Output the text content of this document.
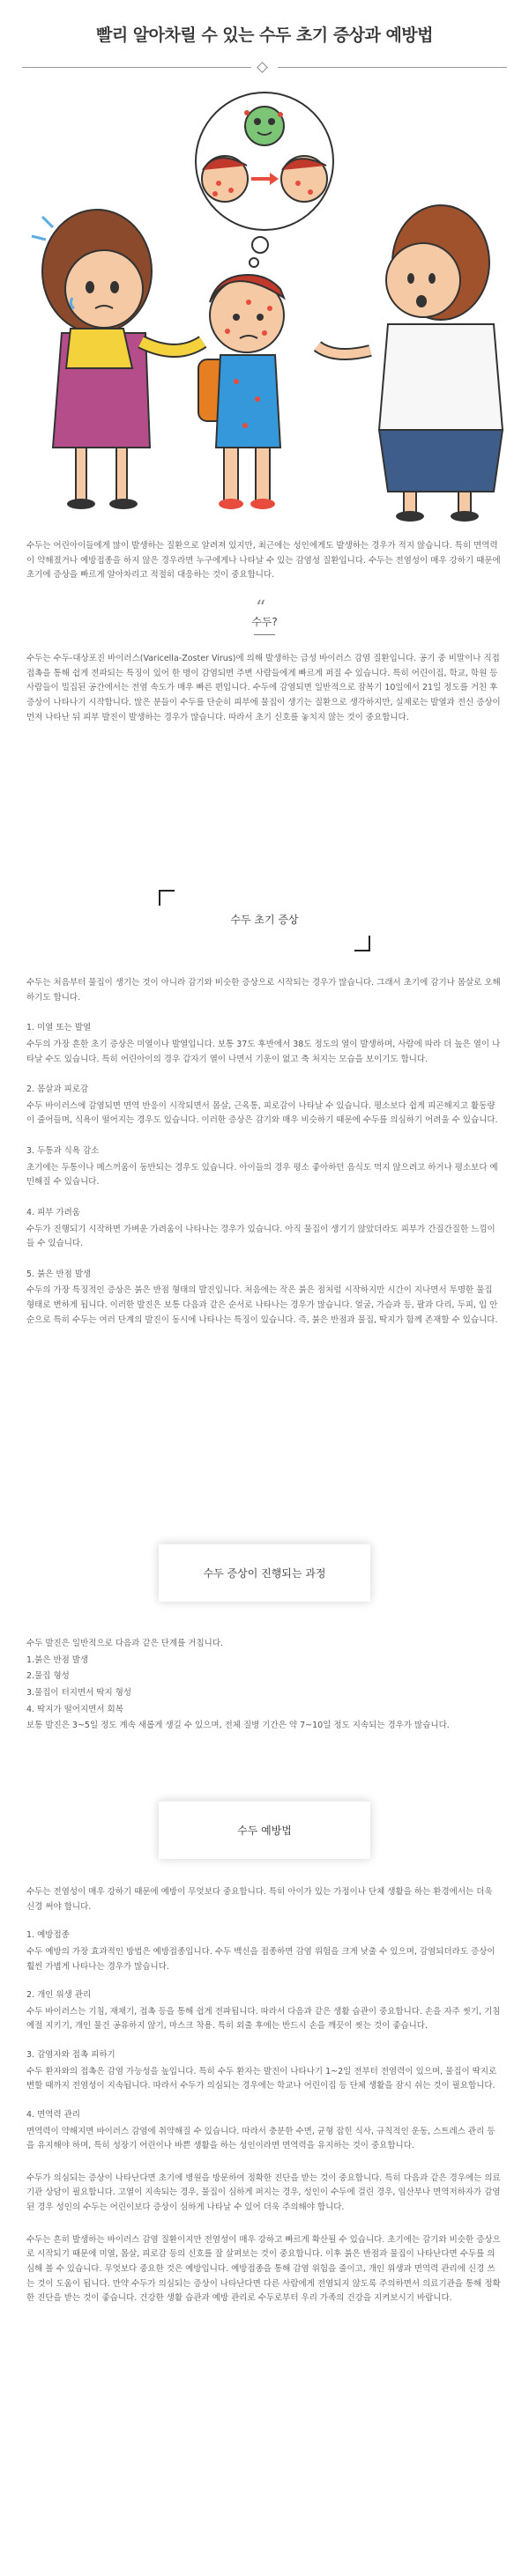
빨리 알아차릴 수 있는 수두 초기 증상과 예방법

수두는 어린아이들에게 많이 발생하는 질환으로 알려져 있지만, 최근에는 성인에게도 발생하는 경우가 적지 않습니다. 특히 면역력이 약해졌거나 예방접종을 하지 않은 경우라면 누구에게나 나타날 수 있는 감염성 질환입니다. 수두는 전염성이 매우 강하기 때문에 초기에 증상을 빠르게 알아차리고 적절히 대응하는 것이 중요합니다.

“
수두?

수두는 수두-대상포진 바이러스(Varicella-Zoster Virus)에 의해 발생하는 급성 바이러스 감염 질환입니다. 공기 중 비말이나 직접 접촉을 통해 쉽게 전파되는 특징이 있어 한 명이 감염되면 주변 사람들에게 빠르게 퍼질 수 있습니다. 특히 어린이집, 학교, 학원 등 사람들이 밀집된 공간에서는 전염 속도가 매우 빠른 편입니다. 수두에 감염되면 일반적으로 잠복기 10일에서 21일 정도를 거친 후 증상이 나타나기 시작합니다. 많은 분들이 수두를 단순히 피부에 물집이 생기는 질환으로 생각하지만, 실제로는 발열과 전신 증상이 먼저 나타난 뒤 피부 발진이 발생하는 경우가 많습니다. 따라서 초기 신호를 놓치지 않는 것이 중요합니다.

수두 초기 증상

수두는 처음부터 물집이 생기는 것이 아니라 감기와 비슷한 증상으로 시작되는 경우가 많습니다. 그래서 초기에 감기나 몸살로 오해하기도 합니다.

1. 미열 또는 발열

수두의 가장 흔한 초기 증상은 미열이나 발열입니다. 보통 37도 후반에서 38도 정도의 열이 발생하며, 사람에 따라 더 높은 열이 나타날 수도 있습니다. 특히 어린아이의 경우 갑자기 열이 나면서 기운이 없고 축 처지는 모습을 보이기도 합니다.

2. 몸살과 피로감

수두 바이러스에 감염되면 면역 반응이 시작되면서 몸살, 근육통, 피로감이 나타날 수 있습니다. 평소보다 쉽게 피곤해지고 활동량이 줄어들며, 식욕이 떨어지는 경우도 있습니다. 이러한 증상은 감기와 매우 비슷하기 때문에 수두를 의심하기 어려울 수 있습니다.

3. 두통과 식욕 감소

초기에는 두통이나 메스꺼움이 동반되는 경우도 있습니다. 아이들의 경우 평소 좋아하던 음식도 먹지 않으려고 하거나 평소보다 예민해질 수 있습니다.

4. 피부 가려움

수두가 진행되기 시작하면 가벼운 가려움이 나타나는 경우가 있습니다. 아직 물집이 생기기 않았더라도 피부가 간질간질한 느낌이 들 수 있습니다.

5. 붉은 반점 발생

수두의 가장 특징적인 증상은 붉은 반점 형태의 발진입니다. 처음에는 작은 붉은 점처럼 시작하지만 시간이 지나면서 투명한 물집 형태로 변하게 됩니다. 이러한 발진은 보통 다음과 같은 순서로 나타나는 경우가 많습니다. 얼굴, 가슴과 등, 팔과 다리, 두피, 입 안 순으로 특히 수두는 여러 단계의 발진이 동시에 나타나는 특징이 있습니다. 즉, 붉은 반점과 물집, 딱지가 함께 존재할 수 있습니다.

수두 증상이 진행되는 과정

수두 발진은 일반적으로 다음과 같은 단계를 거칩니다.

1.붉은 반점 발생

2.물집 형성

3.물집이 터지면서 딱지 형성

4. 딱지가 떨어지면서 회복

보통 발진은 3~5일 정도 계속 새롭게 생길 수 있으며, 전체 질병 기간은 약 7~10일 정도 지속되는 경우가 많습니다.

수두 예방법

수두는 전염성이 매우 강하기 때문에 예방이 무엇보다 중요합니다. 특히 아이가 있는 가정이나 단체 생활을 하는 환경에서는 더욱 신경 써야 합니다.

1. 예방접종

수두 예방의 가장 효과적인 방법은 예방접종입니다. 수두 백신을 접종하면 감염 위험을 크게 낮출 수 있으며, 감염되더라도 증상이 훨씬 가볍게 나타나는 경우가 많습니다.

2. 개인 위생 관리

수두 바이러스는 기침, 재채기, 접촉 등을 통해 쉽게 전파됩니다. 따라서 다음과 같은 생활 습관이 중요합니다. 손을 자주 씻기, 기침 예절 지키기, 개인 물건 공유하지 않기, 마스크 착용. 특히 외출 후에는 반드시 손을 깨끗이 씻는 것이 좋습니다.

3. 감염자와 접촉 피하기

수두 환자와의 접촉은 감염 가능성을 높입니다. 특히 수두 환자는 발진이 나타나기 1~2일 전부터 전염력이 있으며, 물집이 딱지로 변할 때까지 전염성이 지속됩니다. 따라서 수두가 의심되는 경우에는 학교나 어린이집 등 단체 생활을 잠시 쉬는 것이 필요합니다.

4. 면역력 관리

면역력이 약해지면 바이러스 감염에 취약해질 수 있습니다. 따라서 충분한 수면, 균형 잡힌 식사, 규칙적인 운동, 스트레스 관리 등을 유지해야 하며, 특히 성장기 어린이나 바쁜 생활을 하는 성인이라면 면역력을 유지하는 것이 중요합니다.

수두가 의심되는 증상이 나타난다면 초기에 병원을 방문하여 정확한 진단을 받는 것이 중요합니다. 특히 다음과 같은 경우에는 의료기관 상담이 필요합니다. 고열이 지속되는 경우, 물집이 심하게 퍼지는 경우, 성인이 수두에 걸린 경우, 임산부나 면역저하자가 감염된 경우 성인의 수두는 어린이보다 증상이 심하게 나타날 수 있어 더욱 주의해야 합니다.

수두는 흔히 발생하는 바이러스 감염 질환이지만 전염성이 매우 강하고 빠르게 확산될 수 있습니다. 초기에는 감기와 비슷한 증상으로 시작되기 때문에 미열, 몸살, 피로감 등의 신호를 잘 살펴보는 것이 중요합니다. 이후 붉은 반점과 물집이 나타난다면 수두를 의심해 볼 수 있습니다. 무엇보다 중요한 것은 예방입니다. 예방접종을 통해 감염 위험을 줄이고, 개인 위생과 면역력 관리에 신경 쓰는 것이 도움이 됩니다. 만약 수두가 의심되는 증상이 나타난다면 다른 사람에게 전염되지 않도록 주의하면서 의료기관을 통해 정확한 진단을 받는 것이 좋습니다. 건강한 생활 습관과 예방 관리로 수두로부터 우리 가족의 건강을 지켜보시기 바랍니다.
